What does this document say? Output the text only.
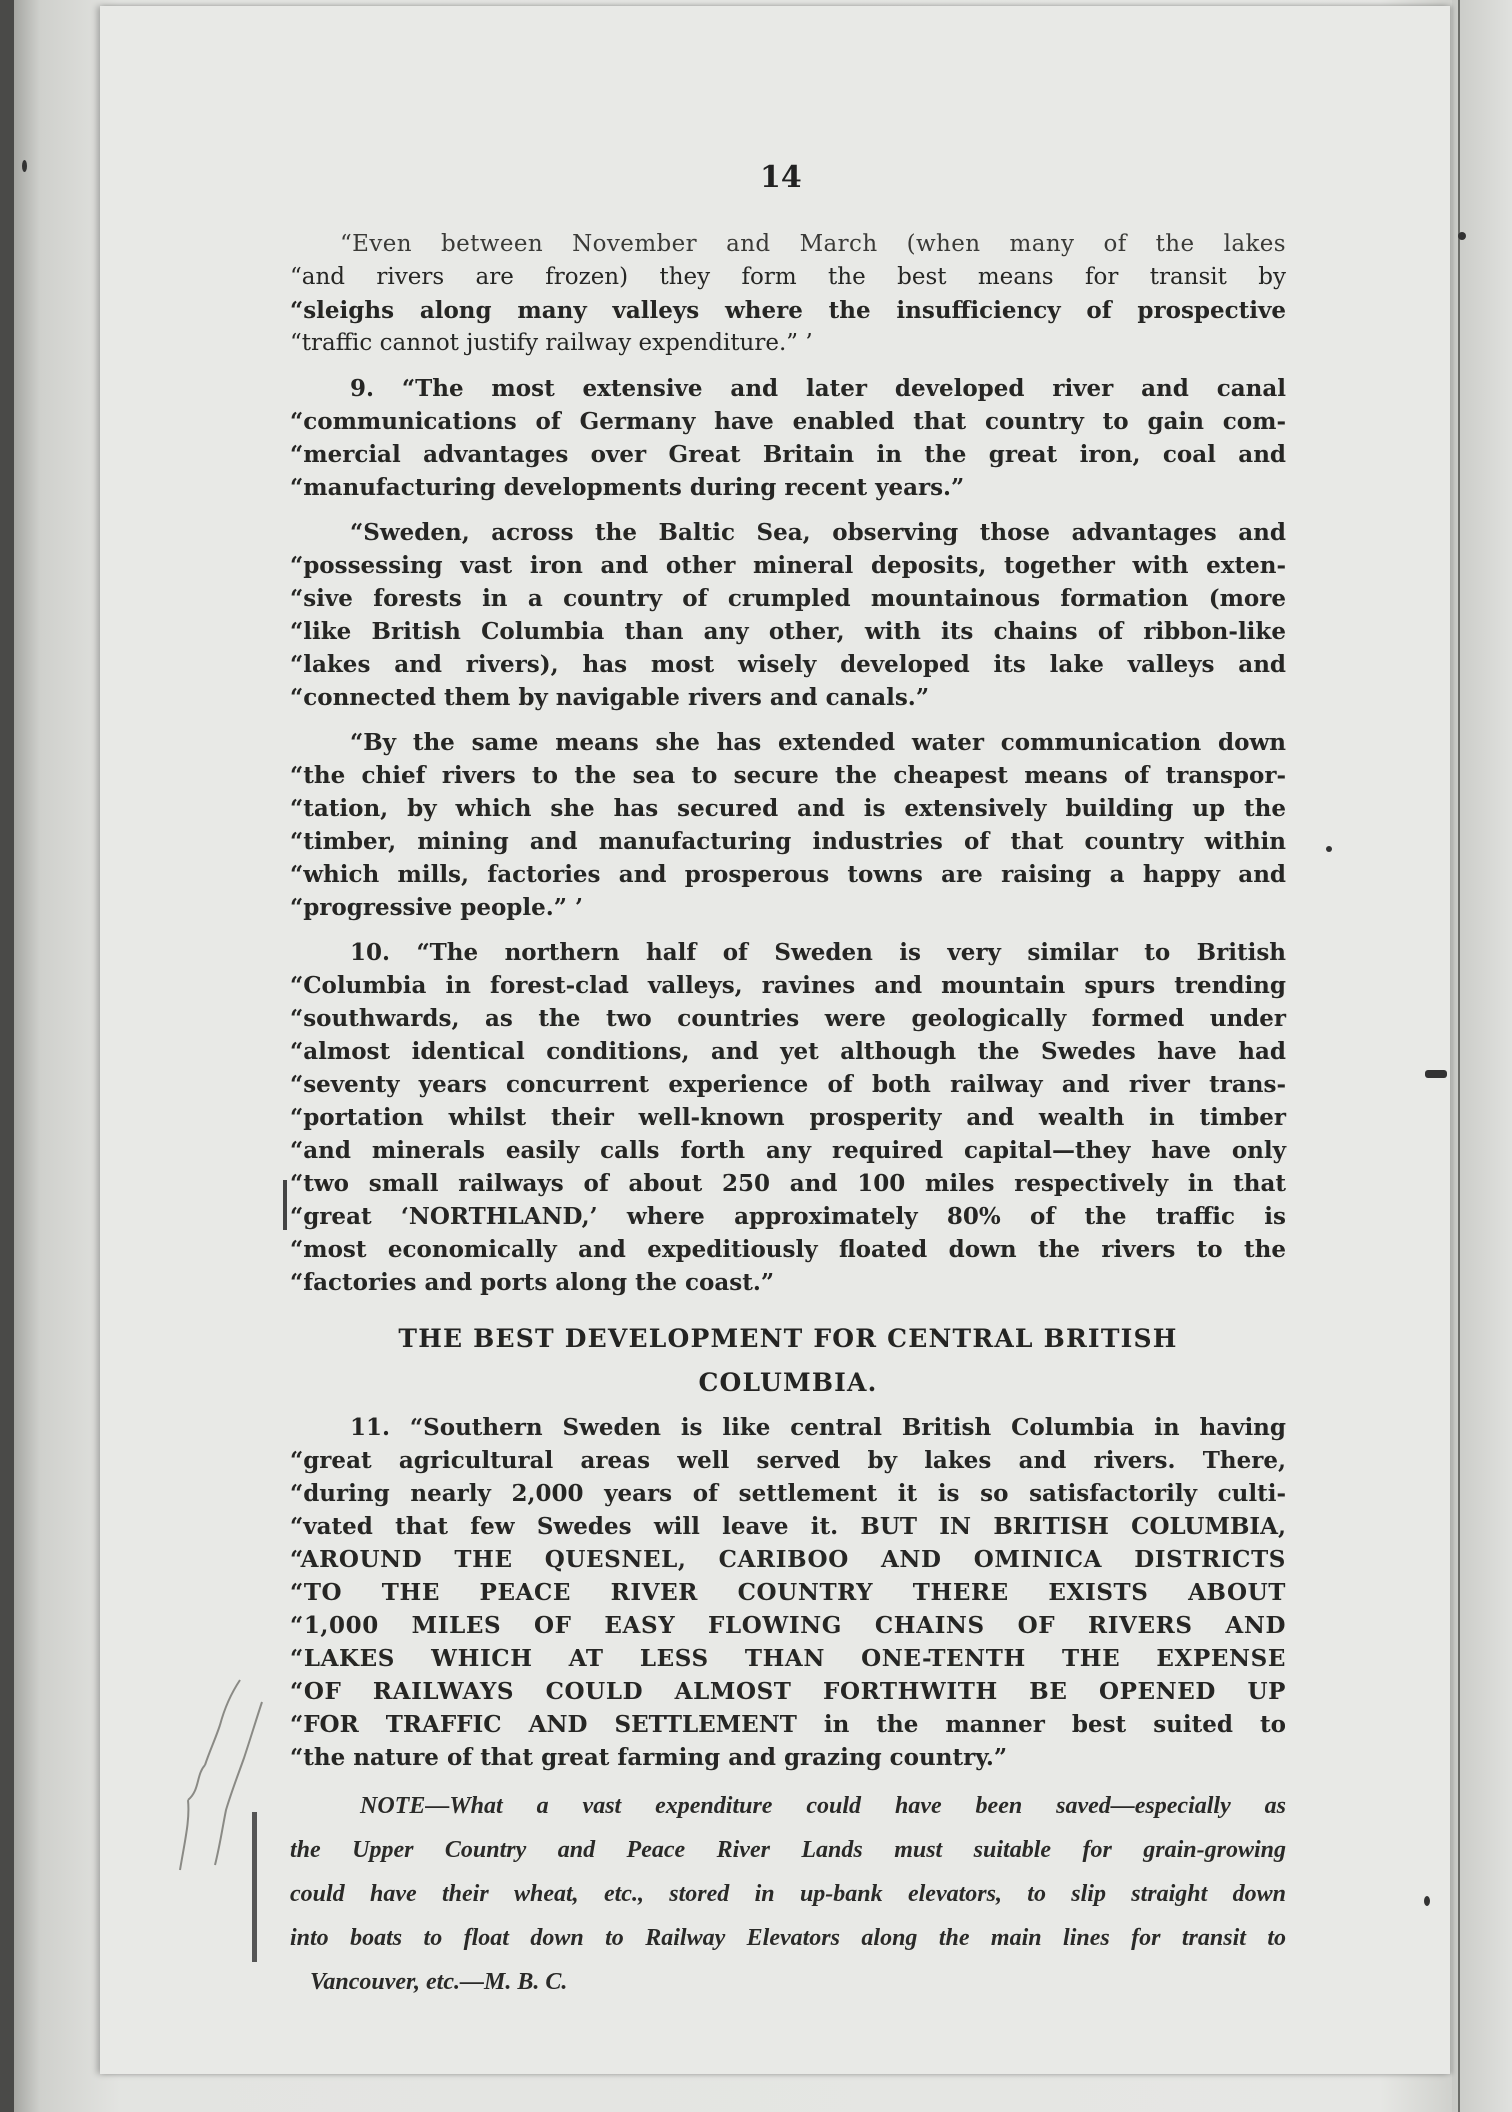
14
“Even between November and March (when many of the lakes
“and rivers are frozen) they form the best means for transit by
“sleighs along many valleys where the insufficiency of prospective
“traffic cannot justify railway expenditure.” ’
9. “The most extensive and later developed river and canal
“communications of Germany have enabled that country to gain com-
“mercial advantages over Great Britain in the great iron, coal and
“manufacturing developments during recent years.”
“Sweden, across the Baltic Sea, observing those advantages and
“possessing vast iron and other mineral deposits, together with exten-
“sive forests in a country of crumpled mountainous formation (more
“like British Columbia than any other, with its chains of ribbon-like
“lakes and rivers), has most wisely developed its lake valleys and
“connected them by navigable rivers and canals.”
“By the same means she has extended water communication down
“the chief rivers to the sea to secure the cheapest means of transpor-
“tation, by which she has secured and is extensively building up the
“timber, mining and manufacturing industries of that country within
“which mills, factories and prosperous towns are raising a happy and
“progressive people.” ’
10. “The northern half of Sweden is very similar to British
“Columbia in forest-clad valleys, ravines and mountain spurs trending
“southwards, as the two countries were geologically formed under
“almost identical conditions, and yet although the Swedes have had
“seventy years concurrent experience of both railway and river trans-
“portation whilst their well-known prosperity and wealth in timber
“and minerals easily calls forth any required capital—they have only
“two small railways of about 250 and 100 miles respectively in that
“great ‘NORTHLAND,’ where approximately 80% of the traffic is
“most economically and expeditiously floated down the rivers to the
“factories and ports along the coast.”
THE BEST DEVELOPMENT FOR CENTRAL BRITISH
COLUMBIA.
11. “Southern Sweden is like central British Columbia in having
“great agricultural areas well served by lakes and rivers. There,
“during nearly 2,000 years of settlement it is so satisfactorily culti-
“vated that few Swedes will leave it. BUT IN BRITISH COLUMBIA,
“AROUND THE QUESNEL, CARIBOO AND OMINICA DISTRICTS
“TO THE PEACE RIVER COUNTRY THERE EXISTS ABOUT
“1,000 MILES OF EASY FLOWING CHAINS OF RIVERS AND
“LAKES WHICH AT LESS THAN ONE-TENTH THE EXPENSE
“OF RAILWAYS COULD ALMOST FORTHWITH BE OPENED UP
“FOR TRAFFIC AND SETTLEMENT in the manner best suited to
“the nature of that great farming and grazing country.”
NOTE—What a vast expenditure could have been saved—especially as
the Upper Country and Peace River Lands must suitable for grain-growing
could have their wheat, etc., stored in up-bank elevators, to slip straight down
into boats to float down to Railway Elevators along the main lines for transit to
Vancouver, etc.—M. B. C.
